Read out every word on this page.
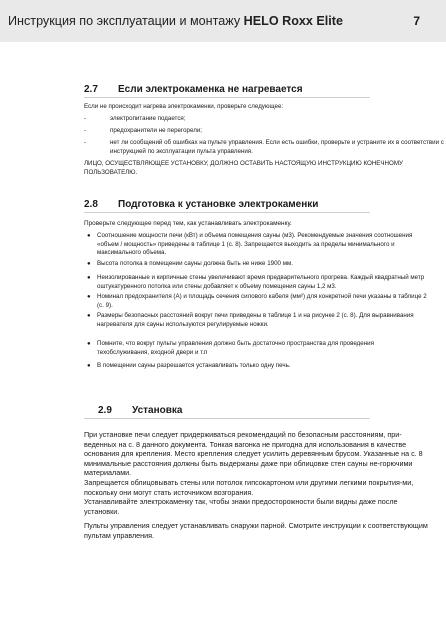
Инструкция по эксплуатации и монтажу HELO Roxx Elite	7
2.7 Если электрокаменка не нагревается
Если не происходит нагрева электрокаменки, проверьте следующее:
-	электропитание подается;
-	предохранители не перегорели;
-	нет ли сообщений об ошибках на пульте управления. Если есть ошибки, проверьте и устраните их в соответствии с инструкцией по эксплуатации пульта управления.
ЛИЦО, ОСУЩЕСТВЛЯЮЩЕЕ УСТАНОВКУ, ДОЛЖНО ОСТАВИТЬ НАСТОЯЩУЮ ИНСТРУКЦИЮ КОНЕЧНОМУ ПОЛЬЗОВАТЕЛЮ.
2.8 Подготовка к установке электрокаменки
Проверьте следующее перед тем, как устанавливать электрокаменку.
● Соотношение мощности печи (кВт) и объема помещения сауны (м3). Рекомендуемые значения соотношения «объем / мощность» приведены в таблице 1 (с. 8). Запрещается выходить за пределы минимального и максимального объема.
● Высота потолка в помещении сауны должна быть не ниже 1900 мм.
● Неизолированные и кирпичные стены увеличивают время предварительного прогрева. Каждый квадратный метр оштукатуренного потолка или стены добавляет к объему помещения сауны 1,2 м3.
● Номинал предохранителя (А) и площадь сечения силового кабеля (мм²) для конкретной печи указаны в таблице 2 (с. 9).
● Размеры безопасных расстояний вокруг печи приведены в таблице 1 и на рисунке 2 (с. 8). Для выравнивания нагревателя для сауны используются регулируемые ножки.
● Помните, что вокруг пульты управления должно быть достаточно пространства для проведения техобслуживания, входной двери и т.п
● В помещении сауны разрешается устанавливать только одну печь.
2.9 Установка
При установке печи следует придерживаться рекомендаций по безопасным расстояниям, при-веденных на с. 8 данного документа. Тонкая вагонка не пригодна для использования в качестве основания для крепления. Место крепления следует усилить деревянным брусом. Указанные на с. 8 минимальные расстояния должны быть выдержаны даже при облицовке стен сауны не-горючими материалами.
Запрещается облицовывать стены или потолок гипсокартоном или другими легкими покрытия-ми, поскольку они могут стать источником возгорания.
Устанавливайте электрокаменку так, чтобы знаки предосторожности были видны даже после установки.
Пульты управления следует устанавливать снаружи парной. Смотрите инструкции к соответствующим пультам управления.
